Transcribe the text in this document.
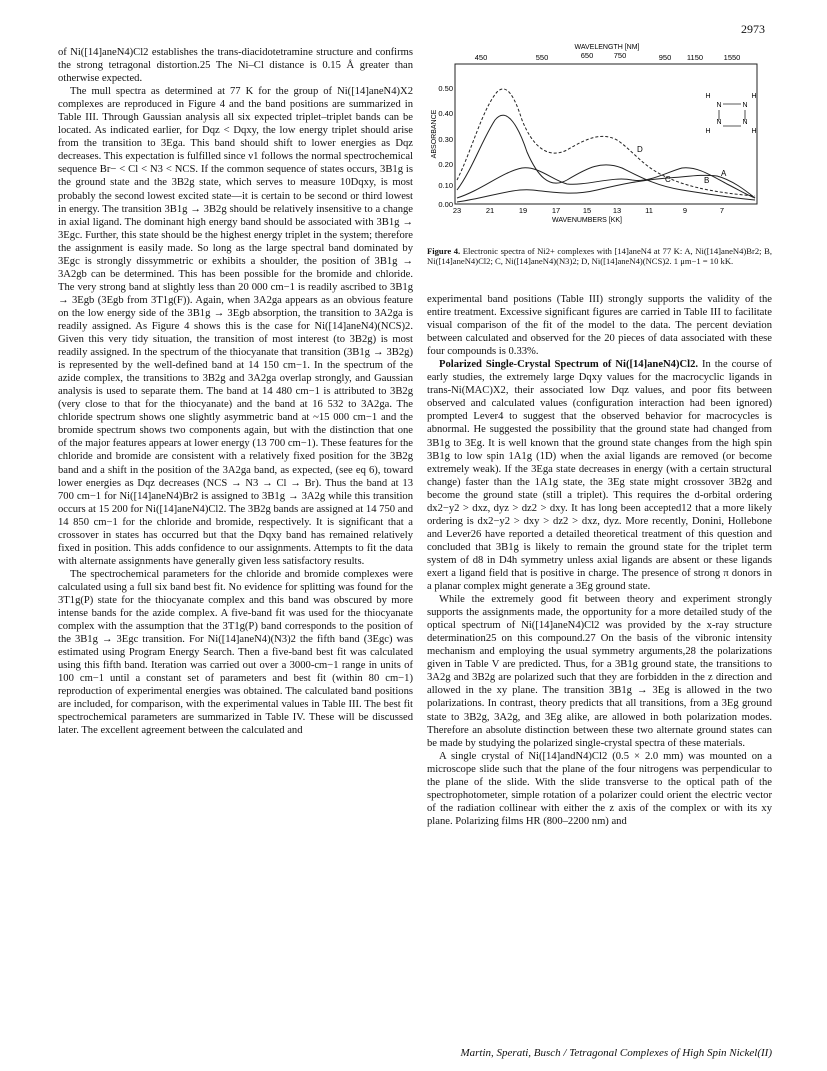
2973

of Ni([14]aneN4)Cl2 establishes the trans-diacidotetramine structure and confirms the strong tetragonal distortion.25 The Ni–Cl distance is 0.15 Å greater than otherwise expected.

The mull spectra as determined at 77 K for the group of Ni([14]aneN4)X2 complexes are reproduced in Figure 4 and the band positions are summarized in Table III. Through Gaussian analysis all six expected triplet–triplet bands can be located. As indicated earlier, for Dqz < Dqxy, the low energy triplet should arise from the transition to 3Ega. This band should shift to lower energies as Dqz decreases. This expectation is fulfilled since ν1 follows the normal spectrochemical sequence Br− < Cl < N3 < NCS. If the common sequence of states occurs, 3B1g is the ground state and the 3B2g state, which serves to measure 10Dqxy, is most probably the second lowest excited state—it is certain to be second or third lowest in energy. The transition 3B1g → 3B2g should be relatively insensitive to a change in axial ligand. The dominant high energy band should be associated with 3B1g → 3Egc. Further, this state should be the highest energy triplet in the system; therefore the assignment is easily made. So long as the large spectral band dominated by 3Egc is strongly dissymmetric or exhibits a shoulder, the position of 3B1g → 3A2gb can be determined. This has been possible for the bromide and chloride. The very strong band at slightly less than 20 000 cm−1 is readily ascribed to 3B1g → 3Egb (3Egb from 3T1g(F)). Again, when 3A2ga appears as an obvious feature on the low energy side of the 3B1g → 3Egb absorption, the transition to 3A2ga is readily assigned. As Figure 4 shows this is the case for Ni([14]aneN4)(NCS)2. Given this very tidy situation, the transition of most interest (to 3B2g) is most readily assigned. In the spectrum of the thiocyanate that transition (3B1g → 3B2g) is represented by the well-defined band at 14 150 cm−1. In the spectrum of the azide complex, the transitions to 3B2g and 3A2ga overlap strongly, and Gaussian analysis is used to separate them. The band at 14 480 cm−1 is attributed to 3B2g (very close to that for the thiocyanate) and the band at 16 532 to 3A2ga. The chloride spectrum shows one slightly asymmetric band at ~15 000 cm−1 and the bromide spectrum shows two components again, but with the distinction that one of the major features appears at lower energy (13 700 cm−1). These features for the chloride and bromide are consistent with a relatively fixed position for the 3B2g band and a shift in the position of the 3A2ga band, as expected, (see eq 6), toward lower energies as Dqz decreases (NCS → N3 → Cl → Br). Thus the band at 13 700 cm−1 for Ni([14]aneN4)Br2 is assigned to 3B1g → 3A2g while this transition occurs at 15 200 for Ni([14]aneN4)Cl2. The 3B2g bands are assigned at 14 750 and 14 850 cm−1 for the chloride and bromide, respectively. It is significant that a crossover in states has occurred but that the Dqxy band has remained relatively fixed in position. This adds confidence to our assignments. Attempts to fit the data with alternate assignments have generally given less satisfactory results.

The spectrochemical parameters for the chloride and bromide complexes were calculated using a full six band best fit. No evidence for splitting was found for the 3T1g(P) state for the thiocyanate complex and this band was obscured by more intense bands for the azide complex. A five-band fit was used for the thiocyanate complex with the assumption that the 3T1g(P) band corresponds to the position of the 3B1g → 3Egc transition. For Ni([14]aneN4)(N3)2 the fifth band (3Egc) was estimated using Program Energy Search. Then a five-band best fit was calculated using this fifth band. Iteration was carried out over a 3000-cm−1 range in units of 100 cm−1 until a constant set of parameters and best fit (within 80 cm−1) reproduction of experimental energies was obtained. The calculated band positions are included, for comparison, with the experimental values in Table III. The best fit spectrochemical parameters are summarized in Table IV. These will be discussed later. The excellent agreement between the calculated and

WAVELENGTH [NM]
450	550	650	750	950 1150	1550
ABSORBANCE
0.50
0.40
0.30
0.20
0.10
0.00
23	21	19	17	15	13	11	9	7
WAVENUMBERS [KK]
D
C	B
A
H
N	N
H
H
N	N
H
Figure 4. Electronic spectra of Ni2+ complexes with [14]aneN4 at 77 K: A, Ni([14]aneN4)Br2; B, Ni([14]aneN4)Cl2; C, Ni([14]aneN4)(N3)2; D, Ni([14]aneN4)(NCS)2. 1 μm−1 = 10 kK.

experimental band positions (Table III) strongly supports the validity of the entire treatment. Excessive significant figures are carried in Table III to facilitate visual comparison of the fit of the model to the data. The percent deviation between calculated and observed for the 20 pieces of data associated with these four compounds is 0.33%.

Polarized Single-Crystal Spectrum of Ni([14]aneN4)Cl2. In the course of early studies, the extremely large Dqxy values for the macrocyclic ligands in trans-Ni(MAC)X2, their associated low Dqz values, and poor fits between observed and calculated values (configuration interaction had been ignored) prompted Lever4 to suggest that the observed behavior for macrocycles is abnormal. He suggested the possibility that the ground state had changed from 3B1g to 3Eg. It is well known that the ground state changes from the high spin 3B1g to low spin 1A1g (1D) when the axial ligands are removed (or become extremely weak). If the 3Ega state decreases in energy (with a certain structural change) faster than the 1A1g state, the 3Eg state might crossover 3B2g and become the ground state (still a triplet). This requires the d-orbital ordering dx2−y2 > dxz, dyz > dz2 > dxy. It has long been accepted12 that a more likely ordering is dx2−y2 > dxy > dz2 > dxz, dyz. More recently, Donini, Hollebone and Lever26 have reported a detailed theoretical treatment of this question and concluded that 3B1g is likely to remain the ground state for the triplet term system of d8 in D4h symmetry unless axial ligands are absent or these ligands exert a ligand field that is positive in charge. The presence of strong π donors in a planar complex might generate a 3Eg ground state.

While the extremely good fit between theory and experiment strongly supports the assignments made, the opportunity for a more detailed study of the optical spectrum of Ni([14]aneN4)Cl2 was provided by the x-ray structure determination25 on this compound.27 On the basis of the vibronic intensity mechanism and employing the usual symmetry arguments,28 the polarizations given in Table V are predicted. Thus, for a 3B1g ground state, the transitions to 3A2g and 3B2g are polarized such that they are forbidden in the z direction and allowed in the xy plane. The transition 3B1g → 3Eg is allowed in the two polarizations. In contrast, theory predicts that all transitions, from a 3Eg ground state to 3B2g, 3A2g, and 3Eg alike, are allowed in both polarization modes. Therefore an absolute distinction between these two alternate ground states can be made by studying the polarized single-crystal spectra of these materials.

A single crystal of Ni([14]andN4)Cl2 (0.5 × 2.0 mm) was mounted on a microscope slide such that the plane of the four nitrogens was perpendicular to the plane of the slide. With the slide transverse to the optical path of the spectrophotometer, simple rotation of a polarizer could orient the electric vector of the radiation collinear with either the z axis of the complex or with its xy plane. Polarizing films HR (800–2200 nm) and

Martin, Sperati, Busch / Tetragonal Complexes of High Spin Nickel(II)
